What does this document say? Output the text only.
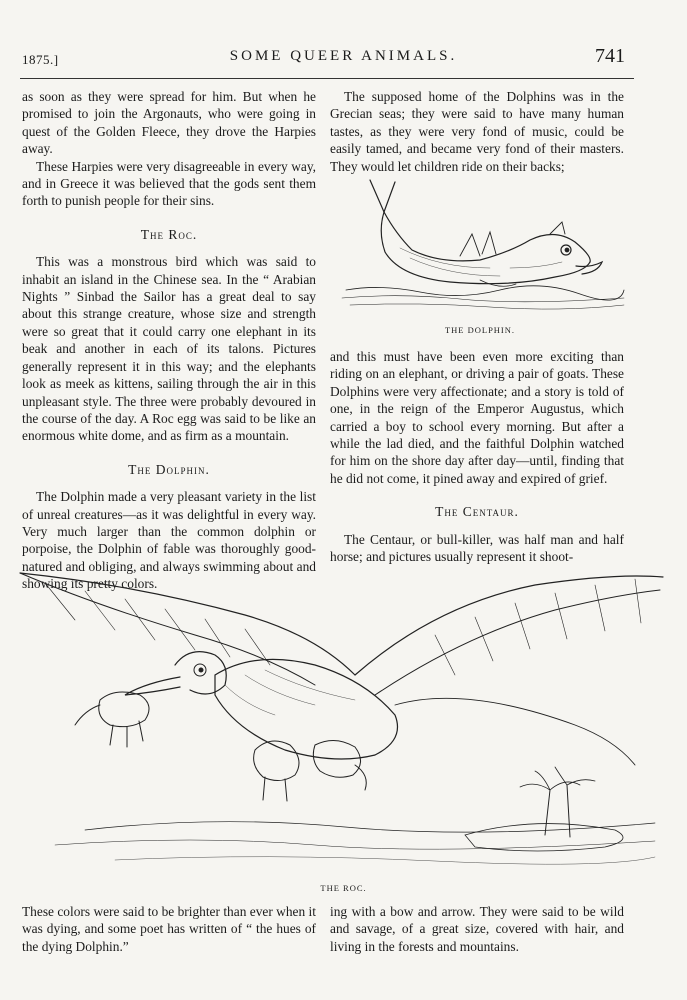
1875.]	SOME QUEER ANIMALS.	741

as soon as they were spread for him. But when he promised to join the Argonauts, who were going in quest of the Golden Fleece, they drove the Harpies away.

These Harpies were very disagreeable in every way, and in Greece it was believed that the gods sent them forth to punish people for their sins.

The Roc.

This was a monstrous bird which was said to inhabit an island in the Chinese sea. In the “ Arabian Nights ” Sinbad the Sailor has a great deal to say about this strange creature, whose size and strength were so great that it could carry one elephant in its beak and another in each of its talons. Pictures generally represent it in this way; and the elephants look as meek as kittens, sailing through the air in this unpleasant style. The three were probably devoured in the course of the day. A Roc egg was said to be like an enormous white dome, and as firm as a mountain.

The Dolphin.

The Dolphin made a very pleasant variety in the list of unreal creatures—as it was delightful in every way. Very much larger than the common dolphin or porpoise, the Dolphin of fable was thoroughly good-natured and obliging, and always swimming about and showing its pretty colors.

The supposed home of the Dolphins was in the Grecian seas; they were said to have many human tastes, as they were very fond of music, could be easily tamed, and became very fond of their masters. They would let children ride on their backs;

THE DOLPHIN.

and this must have been even more exciting than riding on an elephant, or driving a pair of goats. These Dolphins were very affectionate; and a story is told of one, in the reign of the Emperor Augustus, which carried a boy to school every morning. But after a while the lad died, and the faithful Dolphin watched for him on the shore day after day—until, finding that he did not come, it pined away and expired of grief.

The Centaur.

The Centaur, or bull-killer, was half man and half horse; and pictures usually represent it shoot-

THE ROC.

These colors were said to be brighter than ever when it was dying, and some poet has written of “ the hues of the dying Dolphin.”

ing with a bow and arrow. They were said to be wild and savage, of a great size, covered with hair, and living in the forests and mountains.
